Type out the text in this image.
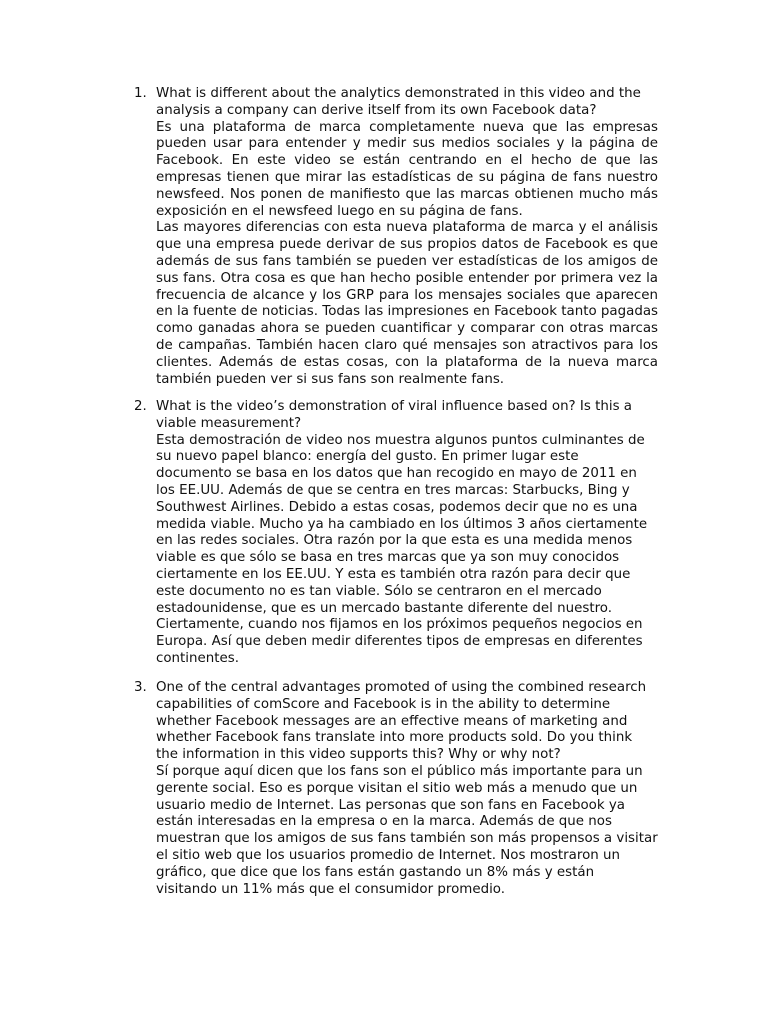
1. What is different about the analytics demonstrated in this video and the analysis a company can derive itself from its own Facebook data?

Es una plataforma de marca completamente nueva que las empresas pueden usar para entender y medir sus medios sociales y la página de Facebook. En este video se están centrando en el hecho de que las empresas tienen que mirar las estadísticas de su página de fans nuestro newsfeed. Nos ponen de manifiesto que las marcas obtienen mucho más exposición en el newsfeed luego en su página de fans.

Las mayores diferencias con esta nueva plataforma de marca y el análisis que una empresa puede derivar de sus propios datos de Facebook es que además de sus fans también se pueden ver estadísticas de los amigos de sus fans. Otra cosa es que han hecho posible entender por primera vez la frecuencia de alcance y los GRP para los mensajes sociales que aparecen en la fuente de noticias. Todas las impresiones en Facebook tanto pagadas como ganadas ahora se pueden cuantificar y comparar con otras marcas de campañas. También hacen claro qué mensajes son atractivos para los clientes. Además de estas cosas, con la plataforma de la nueva marca también pueden ver si sus fans son realmente fans.

2. What is the video’s demonstration of viral influence based on? Is this a viable measurement?

Esta demostración de video nos muestra algunos puntos culminantes de su nuevo papel blanco: energía del gusto. En primer lugar este documento se basa en los datos que han recogido en mayo de 2011 en los EE.UU. Además de que se centra en tres marcas: Starbucks, Bing y Southwest Airlines. Debido a estas cosas, podemos decir que no es una medida viable. Mucho ya ha cambiado en los últimos 3 años ciertamente en las redes sociales. Otra razón por la que esta es una medida menos viable es que sólo se basa en tres marcas que ya son muy conocidos ciertamente en los EE.UU. Y esta es también otra razón para decir que este documento no es tan viable. Sólo se centraron en el mercado estadounidense, que es un mercado bastante diferente del nuestro. Ciertamente, cuando nos fijamos en los próximos pequeños negocios en Europa. Así que deben medir diferentes tipos de empresas en diferentes continentes.

3. One of the central advantages promoted of using the combined research capabilities of comScore and Facebook is in the ability to determine whether Facebook messages are an effective means of marketing and whether Facebook fans translate into more products sold. Do you think the information in this video supports this? Why or why not?

Sí porque aquí dicen que los fans son el público más importante para un gerente social. Eso es porque visitan el sitio web más a menudo que un usuario medio de Internet. Las personas que son fans en Facebook ya están interesadas en la empresa o en la marca. Además de que nos muestran que los amigos de sus fans también son más propensos a visitar el sitio web que los usuarios promedio de Internet. Nos mostraron un gráfico, que dice que los fans están gastando un 8% más y están visitando un 11% más que el consumidor promedio.
